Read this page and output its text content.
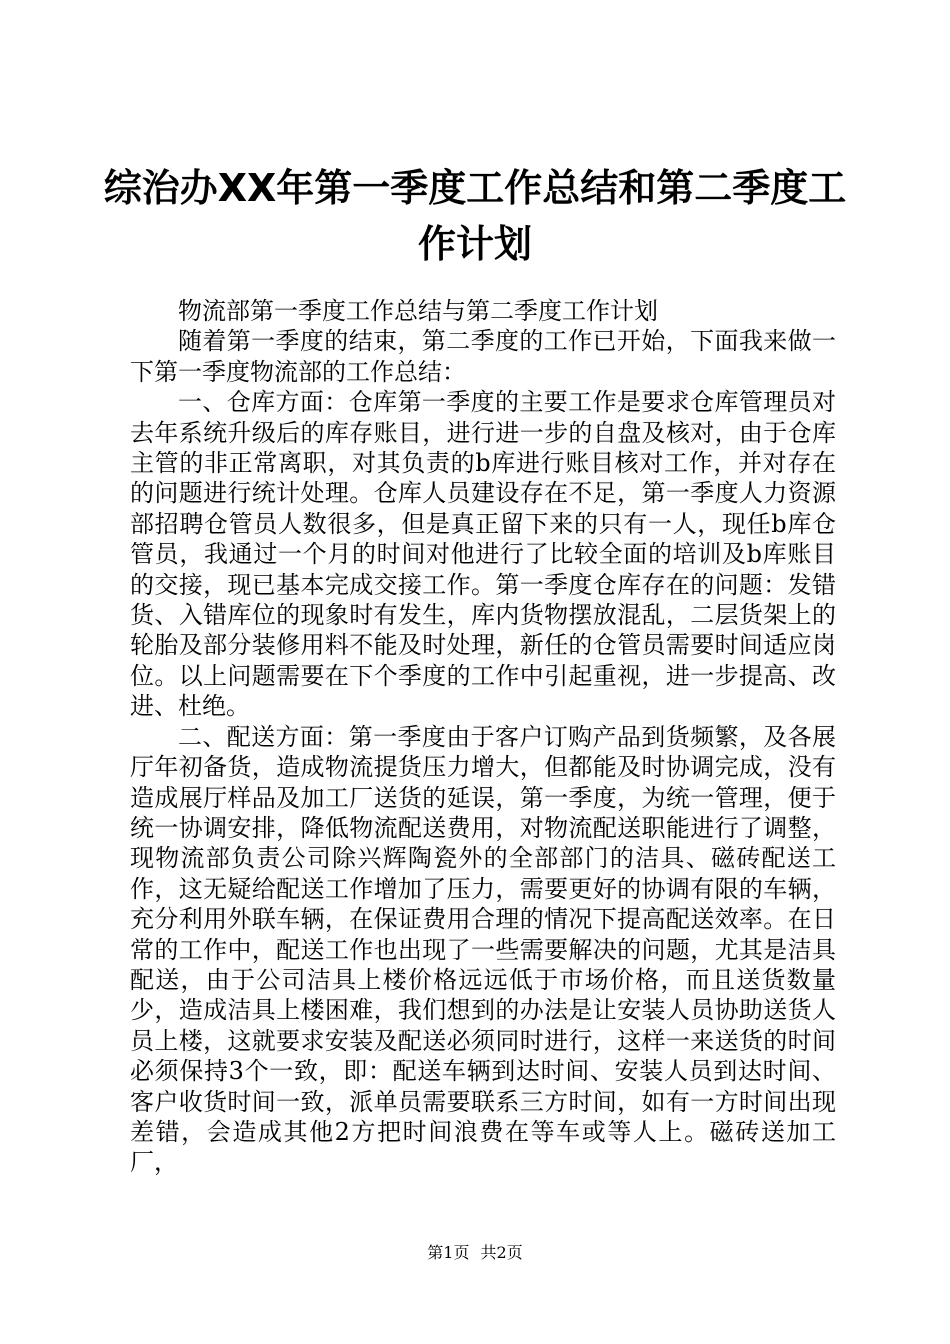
综治办XX年第一季度工作总结和第二季度工作计划

物流部第一季度工作总结与第二季度工作计划

随着第一季度的结束，第二季度的工作已开始，下面我来做一下第一季度物流部的工作总结：

一、仓库方面：仓库第一季度的主要工作是要求仓库管理员对去年系统升级后的库存账目，进行进一步的自盘及核对，由于仓库主管的非正常离职，对其负责的b库进行账目核对工作，并对存在的问题进行统计处理。仓库人员建设存在不足，第一季度人力资源部招聘仓管员人数很多，但是真正留下来的只有一人，现任b库仓管员，我通过一个月的时间对他进行了比较全面的培训及b库账目的交接，现已基本完成交接工作。第一季度仓库存在的问题：发错货、入错库位的现象时有发生，库内货物摆放混乱，二层货架上的轮胎及部分装修用料不能及时处理，新任的仓管员需要时间适应岗位。以上问题需要在下个季度的工作中引起重视，进一步提高、改进、杜绝。

二、配送方面：第一季度由于客户订购产品到货频繁，及各展厅年初备货，造成物流提货压力增大，但都能及时协调完成，没有造成展厅样品及加工厂送货的延误，第一季度，为统一管理，便于统一协调安排，降低物流配送费用，对物流配送职能进行了调整，现物流部负责公司除兴辉陶瓷外的全部部门的洁具、磁砖配送工作，这无疑给配送工作增加了压力，需要更好的协调有限的车辆，充分利用外联车辆，在保证费用合理的情况下提高配送效率。在日常的工作中，配送工作也出现了一些需要解决的问题，尤其是洁具配送，由于公司洁具上楼价格远远低于市场价格，而且送货数量少，造成洁具上楼困难，我们想到的办法是让安装人员协助送货人员上楼，这就要求安装及配送必须同时进行，这样一来送货的时间必须保持3个一致，即：配送车辆到达时间、安装人员到达时间、客户收货时间一致，派单员需要联系三方时间，如有一方时间出现差错，会造成其他2方把时间浪费在等车或等人上。磁砖送加工厂，

第1页 共2页
